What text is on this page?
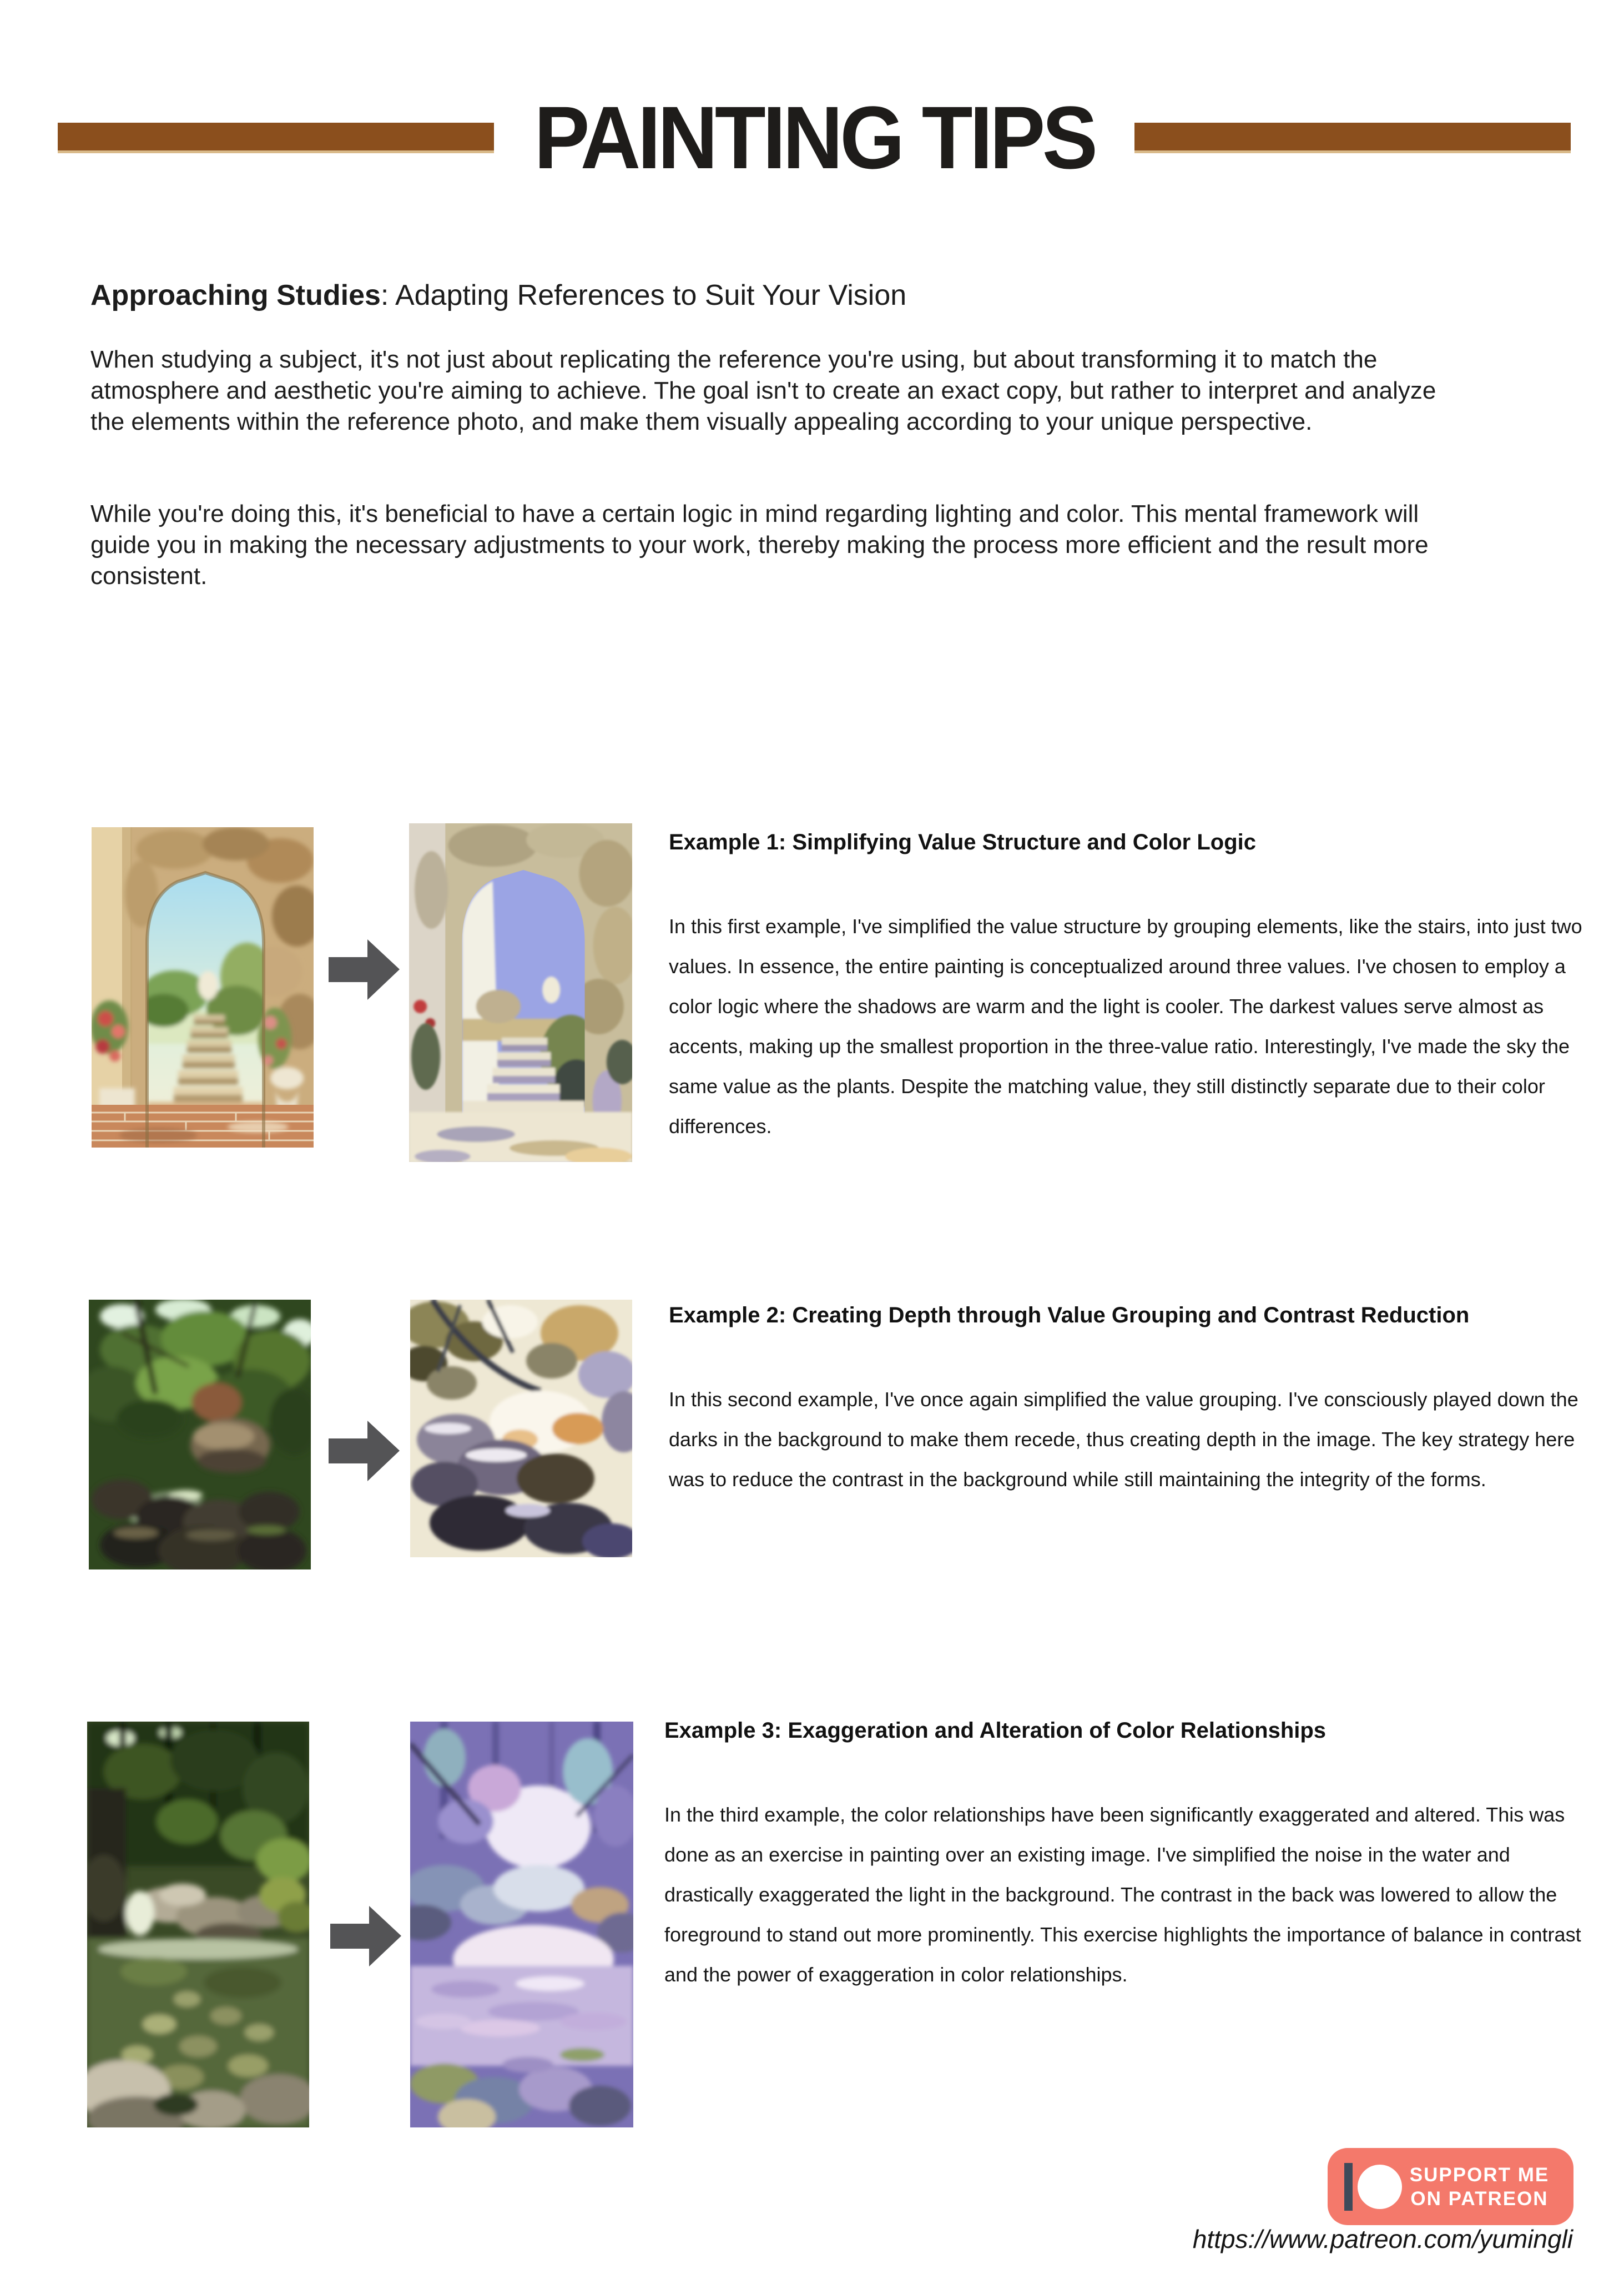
PAINTING TIPS
Approaching Studies: Adapting References to Suit Your Vision
When studying a subject, it's not just about replicating the reference you're using, but about transforming it to match the atmosphere and aesthetic you're aiming to achieve. The goal isn't to create an exact copy, but rather to interpret and analyze the elements within the reference photo, and make them visually appealing according to your unique perspective.
While you're doing this, it's beneficial to have a certain logic in mind regarding lighting and color. This mental framework will guide you in making the necessary adjustments to your work, thereby making the process more efficient and the result more consistent.
Example 1: Simplifying Value Structure and Color Logic
In this first example, I've simplified the value structure by grouping elements, like the stairs, into just two values. In essence, the entire painting is conceptualized around three values. I've chosen to employ a color logic where the shadows are warm and the light is cooler. The darkest values serve almost as accents, making up the smallest proportion in the three-value ratio. Interestingly, I've made the sky the same value as the plants. Despite the matching value, they still distinctly separate due to their color differences.
Example 2: Creating Depth through Value Grouping and Contrast Reduction
In this second example, I've once again simplified the value grouping. I've consciously played down the darks in the background to make them recede, thus creating depth in the image. The key strategy here was to reduce the contrast in the background while still maintaining the integrity of the forms.
Example 3: Exaggeration and Alteration of Color Relationships
In the third example, the color relationships have been significantly exaggerated and altered. This was done as an exercise in painting over an existing image. I've simplified the noise in the water and drastically exaggerated the light in the background. The contrast in the back was lowered to allow the foreground to stand out more prominently. This exercise highlights the importance of balance in contrast and the power of exaggeration in color relationships.
SUPPORT ME
ON PATREON
https://www.patreon.com/yumingli
